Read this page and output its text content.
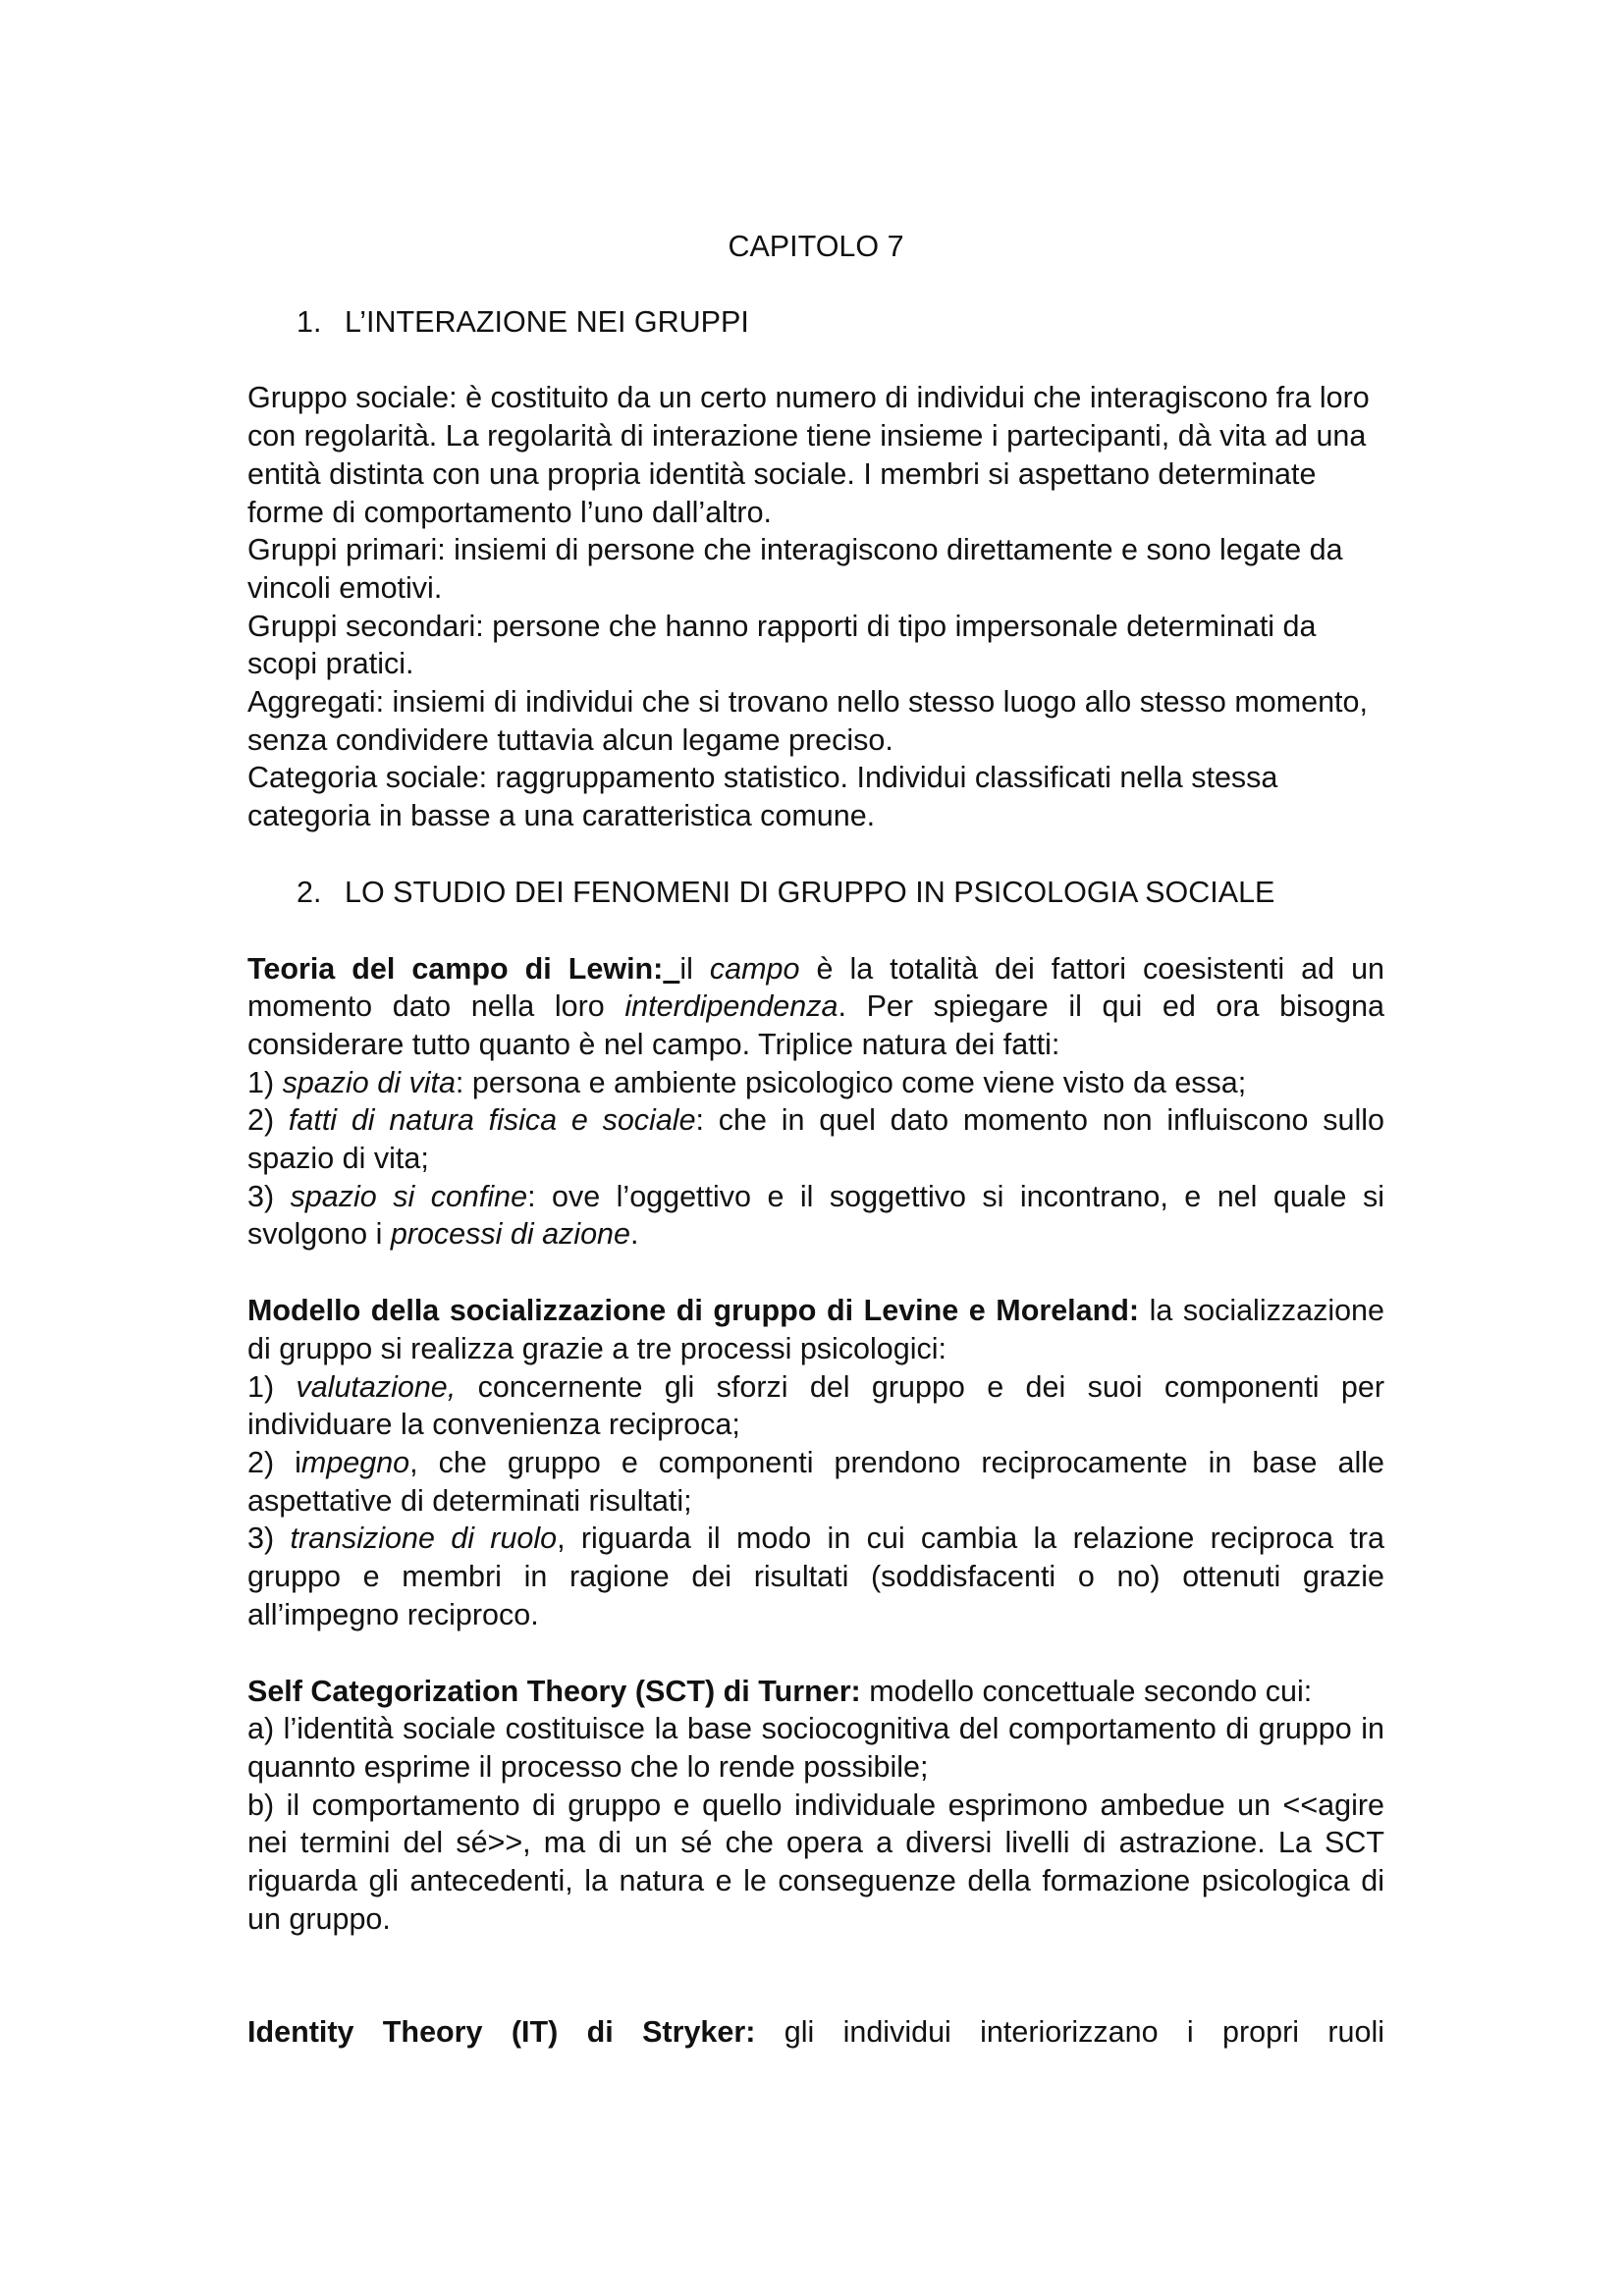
CAPITOLO 7
1. L’INTERAZIONE NEI GRUPPI

Gruppo sociale: è costituito da un certo numero di individui che interagiscono fra loro con regolarità. La regolarità di interazione tiene insieme i partecipanti, dà vita ad una entità distinta con una propria identità sociale. I membri si aspettano determinate forme di comportamento l’uno dall’altro.

Gruppi primari: insiemi di persone che interagiscono direttamente e sono legate da vincoli emotivi.

Gruppi secondari: persone che hanno rapporti di tipo impersonale determinati da scopi pratici.

Aggregati: insiemi di individui che si trovano nello stesso luogo allo stesso momento, senza condividere tuttavia alcun legame preciso.

Categoria sociale: raggruppamento statistico. Individui classificati nella stessa categoria in basse a una caratteristica comune.

2. LO STUDIO DEI FENOMENI DI GRUPPO IN PSICOLOGIA SOCIALE

Teoria del campo di Lewin: il campo è la totalità dei fattori coesistenti ad un momento dato nella loro interdipendenza. Per spiegare il qui ed ora bisogna considerare tutto quanto è nel campo. Triplice natura dei fatti:

1) spazio di vita: persona e ambiente psicologico come viene visto da essa;

2) fatti di natura fisica e sociale: che in quel dato momento non influiscono sullo spazio di vita;

3) spazio si confine: ove l’oggettivo e il soggettivo si incontrano, e nel quale si svolgono i processi di azione.

Modello della socializzazione di gruppo di Levine e Moreland: la socializzazione di gruppo si realizza grazie a tre processi psicologici:

1) valutazione, concernente gli sforzi del gruppo e dei suoi componenti per individuare la convenienza reciproca;

2) impegno, che gruppo e componenti prendono reciprocamente in base alle aspettative di determinati risultati;

3) transizione di ruolo, riguarda il modo in cui cambia la relazione reciproca tra gruppo e membri in ragione dei risultati (soddisfacenti o no) ottenuti grazie all’impegno reciproco.

Self Categorization Theory (SCT) di Turner: modello concettuale secondo cui:

a) l’identità sociale costituisce la base sociocognitiva del comportamento di gruppo in quannto esprime il processo che lo rende possibile;

b) il comportamento di gruppo e quello individuale esprimono ambedue un <<agire nei termini del sé>>, ma di un sé che opera a diversi livelli di astrazione. La SCT riguarda gli antecedenti, la natura e le conseguenze della formazione psicologica di un gruppo.

Identity Theory (IT) di Stryker: gli individui interiorizzano i propri ruoli
